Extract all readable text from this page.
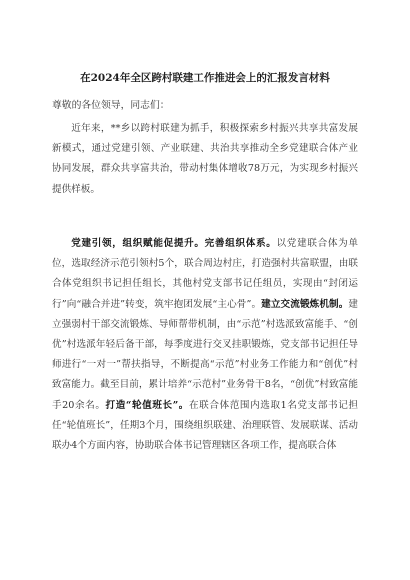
在2024年全区跨村联建工作推进会上的汇报发言材料
尊敬的各位领导，同志们：

近年来，**乡以跨村联建为抓手，积极探索乡村振兴共享共富发展新模式，通过党建引领、产业联建、共治共享推动全乡党建联合体产业协同发展，群众共享富共治，带动村集体增收78万元，为实现乡村振兴提供样板。

党建引领，组织赋能促提升。完善组织体系。以党建联合体为单位，选取经济示范引领村5个，联合周边村庄，打造强村共富联盟，由联合体党组织书记担任组长，其他村党支部书记任组员，实现由“封闭运行”向“融合并进”转变，筑牢抱团发展“主心骨”。建立交流锻炼机制。建立强弱村干部交流锻炼、导师帮带机制，由“示范”村选派致富能手、“创优”村选派年轻后备干部，每季度进行交叉挂职锻炼，党支部书记担任导师进行“一对一”帮扶指导，不断提高“示范”村业务工作能力和“创优”村致富能力。截至目前，累计培养“示范村”业务骨干8名，“创优”村致富能手20余名。打造“轮值班长”。在联合体范围内选取1名党支部书记担任“轮值班长”，任期3个月，围绕组织联建、治理联管、发展联谋、活动联办4个方面内容，协助联合体书记管理辖区各项工作，提高联合体
